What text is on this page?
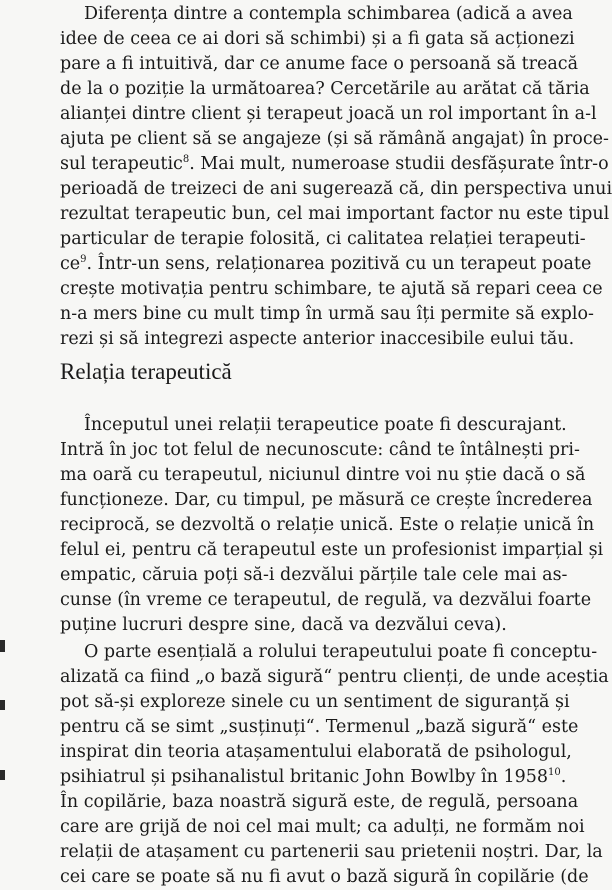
Diferența dintre a contempla schimbarea (adică a avea
idee de ceea ce ai dori să schimbi) și a fi gata să acționezi
pare a fi intuitivă, dar ce anume face o persoană să treacă
de la o poziție la următoarea? Cercetările au arătat că tăria
alianței dintre client și terapeut joacă un rol important în a-l
ajuta pe client să se angajeze (și să rămână angajat) în proce-
sul terapeutic$^8$. Mai mult, numeroase studii desfășurate într-o
perioadă de treizeci de ani sugerează că, din perspectiva unui
rezultat terapeutic bun, cel mai important factor nu este tipul
particular de terapie folosită, ci calitatea relației terapeuti-
$ce^9$. Într-un sens, relaționarea pozitivă cu un terapeut poate
crește motivația pentru schimbare, te ajută să repari ceea ce
n-a mers bine cu mult timp în urmă sau îți permite să explo-
rezi și să integrezi aspecte anterior inaccesibile eului tău.
Relația terapeutică
Începutul unei relații terapeutice poate fi descurajant.
Intră în joc tot felul de necunoscute: când te întâlnești pri-
ma oară cu terapeutul, niciunul dintre voi nu știe dacă o să
funcționeze. Dar, cu timpul, pe măsură ce crește încrederea
reciprocă, se dezvoltă o relație unică. Este o relație unică în
felul ei, pentru că terapeutul este un profesionist imparțial și
empatic, căruia poți să-i dezvălui părțile tale cele mai as-
cunse (în vreme ce terapeutul, de regulă, va dezvălui foarte
puține lucruri despre sine, dacă va dezvălui ceva).
O parte esențială a rolului terapeutului poate fi conceptu-
alizată ca fiind „o bază sigură“ pentru clienți, de unde aceștia
pot să-și exploreze sinele cu un sentiment de siguranță și
pentru că se simt „susținuți“. Termenul „bază sigură“ este
inspirat din teoria atașamentului elaborată de psihologul,
psihiatrul și psihanalistul britanic John Bowlby în 1958$^{10}$.
În copilărie, baza noastră sigură este, de regulă, persoana
care are grijă de noi cel mai mult; ca adulți, ne formăm noi
relații de atașament cu partenerii sau prietenii noștri. Dar, la
cei care se poate să nu fi avut o bază sigură în copilărie (de
